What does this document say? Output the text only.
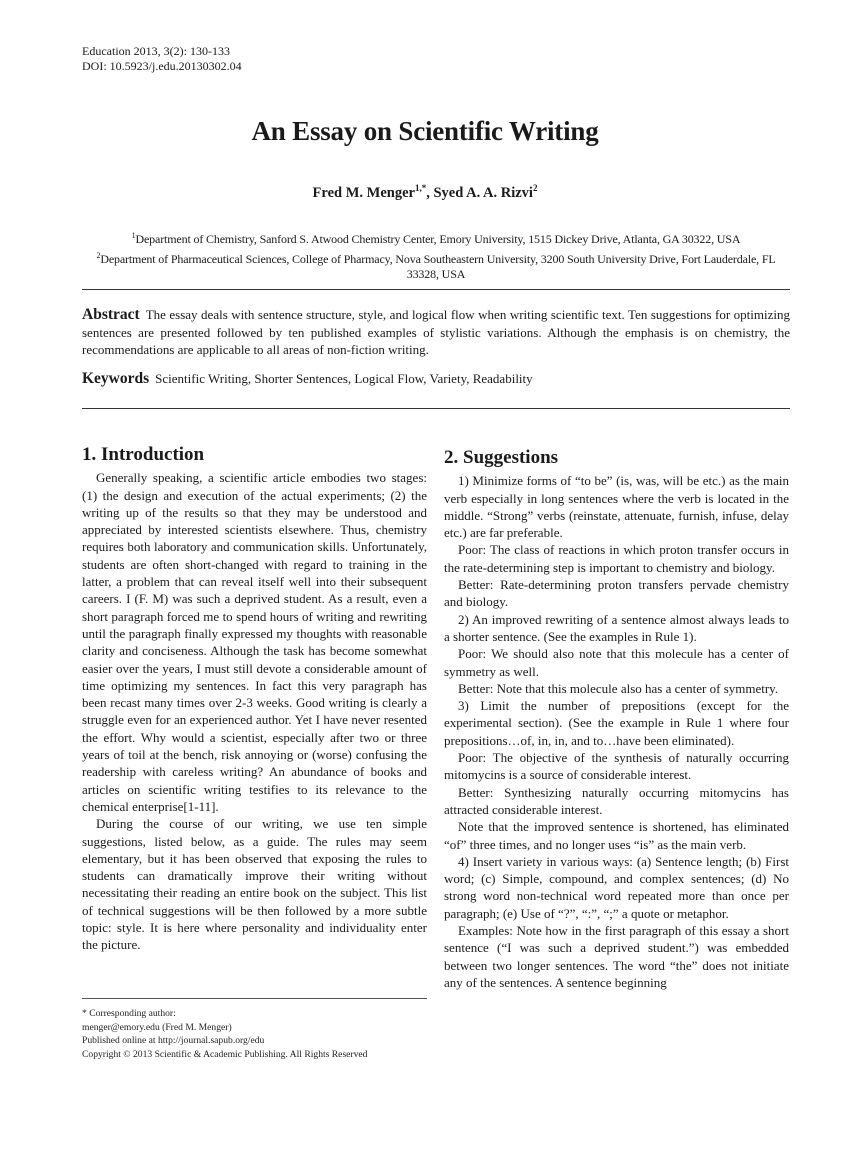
Education 2013, 3(2): 130-133
DOI: 10.5923/j.edu.20130302.04
An Essay on Scientific Writing
Fred M. Menger$^{1,*}$, Syed A. A. Rizvi$^2$
$^1$Department of Chemistry, Sanford S. Atwood Chemistry Center, Emory University, 1515 Dickey Drive, Atlanta, GA 30322, USA
$^2$Department of Pharmaceutical Sciences, College of Pharmacy, Nova Southeastern University, 3200 South University Drive, Fort Lauderdale, FL 33328, USA
Abstract The essay deals with sentence structure, style, and logical flow when writing scientific text. Ten suggestions for optimizing sentences are presented followed by ten published examples of stylistic variations. Although the emphasis is on chemistry, the recommendations are applicable to all areas of non-fiction writing.
Keywords Scientific Writing, Shorter Sentences, Logical Flow, Variety, Readability
1. Introduction

Generally speaking, a scientific article embodies two stages: (1) the design and execution of the actual experiments; (2) the writing up of the results so that they may be understood and appreciated by interested scientists elsewhere. Thus, chemistry requires both laboratory and communication skills. Unfortunately, students are often short-changed with regard to training in the latter, a problem that can reveal itself well into their subsequent careers. I (F. M) was such a deprived student. As a result, even a short paragraph forced me to spend hours of writing and rewriting until the paragraph finally expressed my thoughts with reasonable clarity and conciseness. Although the task has become somewhat easier over the years, I must still devote a considerable amount of time optimizing my sentences. In fact this very paragraph has been recast many times over 2-3 weeks. Good writing is clearly a struggle even for an experienced author. Yet I have never resented the effort. Why would a scientist, especially after two or three years of toil at the bench, risk annoying or (worse) confusing the readership with careless writing? An abundance of books and articles on scientific writing testifies to its relevance to the chemical enterprise[1-11].

During the course of our writing, we use ten simple suggestions, listed below, as a guide. The rules may seem elementary, but it has been observed that exposing the rules to students can dramatically improve their writing without necessitating their reading an entire book on the subject. This list of technical suggestions will be then followed by a more subtle topic: style. It is here where personality and individuality enter the picture.

* Corresponding author:
menger@emory.edu (Fred M. Menger)
Published online at http://journal.sapub.org/edu
Copyright © 2013 Scientific & Academic Publishing. All Rights Reserved
2. Suggestions

1) Minimize forms of “to be” (is, was, will be etc.) as the main verb especially in long sentences where the verb is located in the middle. “Strong” verbs (reinstate, attenuate, furnish, infuse, delay etc.) are far preferable.

Poor: The class of reactions in which proton transfer occurs in the rate-determining step is important to chemistry and biology.

Better: Rate-determining proton transfers pervade chemistry and biology.

2) An improved rewriting of a sentence almost always leads to a shorter sentence. (See the examples in Rule 1).

Poor: We should also note that this molecule has a center of symmetry as well.

Better: Note that this molecule also has a center of symmetry.

3) Limit the number of prepositions (except for the experimental section). (See the example in Rule 1 where four prepositions…of, in, in, and to…have been eliminated).

Poor: The objective of the synthesis of naturally occurring mitomycins is a source of considerable interest.

Better: Synthesizing naturally occurring mitomycins has attracted considerable interest.

Note that the improved sentence is shortened, has eliminated “of” three times, and no longer uses “is” as the main verb.

4) Insert variety in various ways: (a) Sentence length; (b) First word; (c) Simple, compound, and complex sentences; (d) No strong word non-technical word repeated more than once per paragraph; (e) Use of “?”, “:”, “;” a quote or metaphor.

Examples: Note how in the first paragraph of this essay a short sentence (“I was such a deprived student.”) was embedded between two longer sentences. The word “the” does not initiate any of the sentences. A sentence beginning
